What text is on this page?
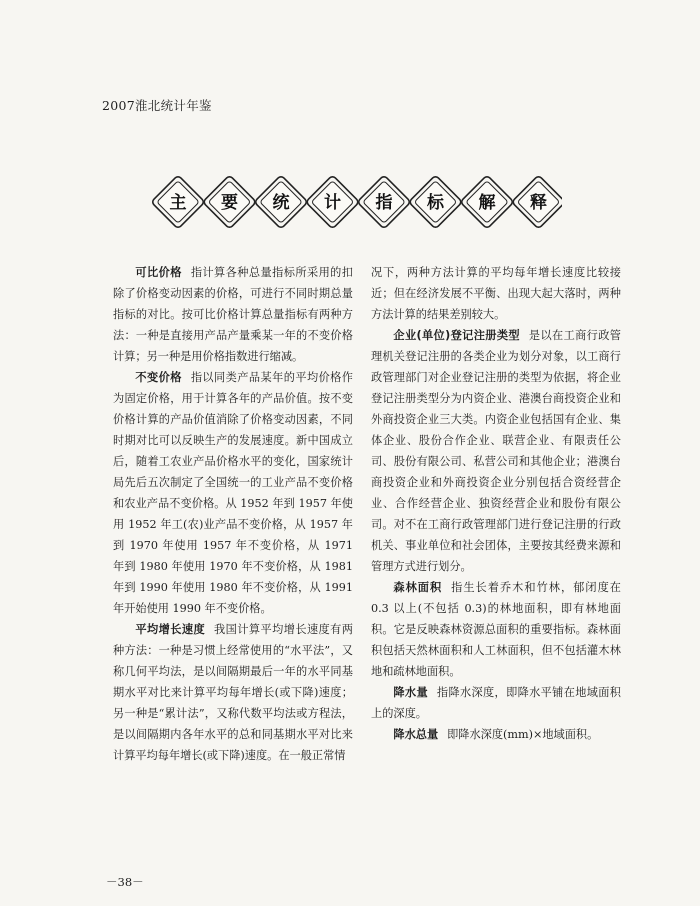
2007淮北统计年鉴
主 要 统 计 指 标 解 释

可比价格 指计算各种总量指标所采用的扣除了价格变动因素的价格，可进行不同时期总量指标的对比。按可比价格计算总量指标有两种方法：一种是直接用产品产量乘某一年的不变价格计算；另一种是用价格指数进行缩减。

不变价格 指以同类产品某年的平均价格作为固定价格，用于计算各年的产品价值。按不变价格计算的产品价值消除了价格变动因素，不同时期对比可以反映生产的发展速度。新中国成立后，随着工农业产品价格水平的变化，国家统计局先后五次制定了全国统一的工业产品不变价格和农业产品不变价格。从 1952 年到 1957 年使用 1952 年工(农)业产品不变价格，从 1957 年到 1970 年使用 1957 年不变价格，从 1971 年到 1980 年使用 1970 年不变价格，从 1981 年到 1990 年使用 1980 年不变价格，从 1991 年开始使用 1990 年不变价格。

平均增长速度 我国计算平均增长速度有两种方法：一种是习惯上经常使用的“水平法”，又称几何平均法，是以间隔期最后一年的水平同基期水平对比来计算平均每年增长(或下降)速度；另一种是“累计法”，又称代数平均法或方程法，是以间隔期内各年水平的总和同基期水平对比来计算平均每年增长(或下降)速度。在一般正常情

况下，两种方法计算的平均每年增长速度比较接近；但在经济发展不平衡、出现大起大落时，两种方法计算的结果差别较大。

企业(单位)登记注册类型 是以在工商行政管理机关登记注册的各类企业为划分对象，以工商行政管理部门对企业登记注册的类型为依据，将企业登记注册类型分为内资企业、港澳台商投资企业和外商投资企业三大类。内资企业包括国有企业、集体企业、股份合作企业、联营企业、有限责任公司、股份有限公司、私营公司和其他企业；港澳台商投资企业和外商投资企业分别包括合资经营企业、合作经营企业、独资经营企业和股份有限公司。对不在工商行政管理部门进行登记注册的行政机关、事业单位和社会团体，主要按其经费来源和管理方式进行划分。

森林面积 指生长着乔木和竹林，郁闭度在 0.3 以上(不包括 0.3)的林地面积，即有林地面积。它是反映森林资源总面积的重要指标。森林面积包括天然林面积和人工林面积，但不包括灌木林地和疏林地面积。

降水量 指降水深度，即降水平铺在地域面积上的深度。

降水总量 即降水深度(mm)×地域面积。

－38－
